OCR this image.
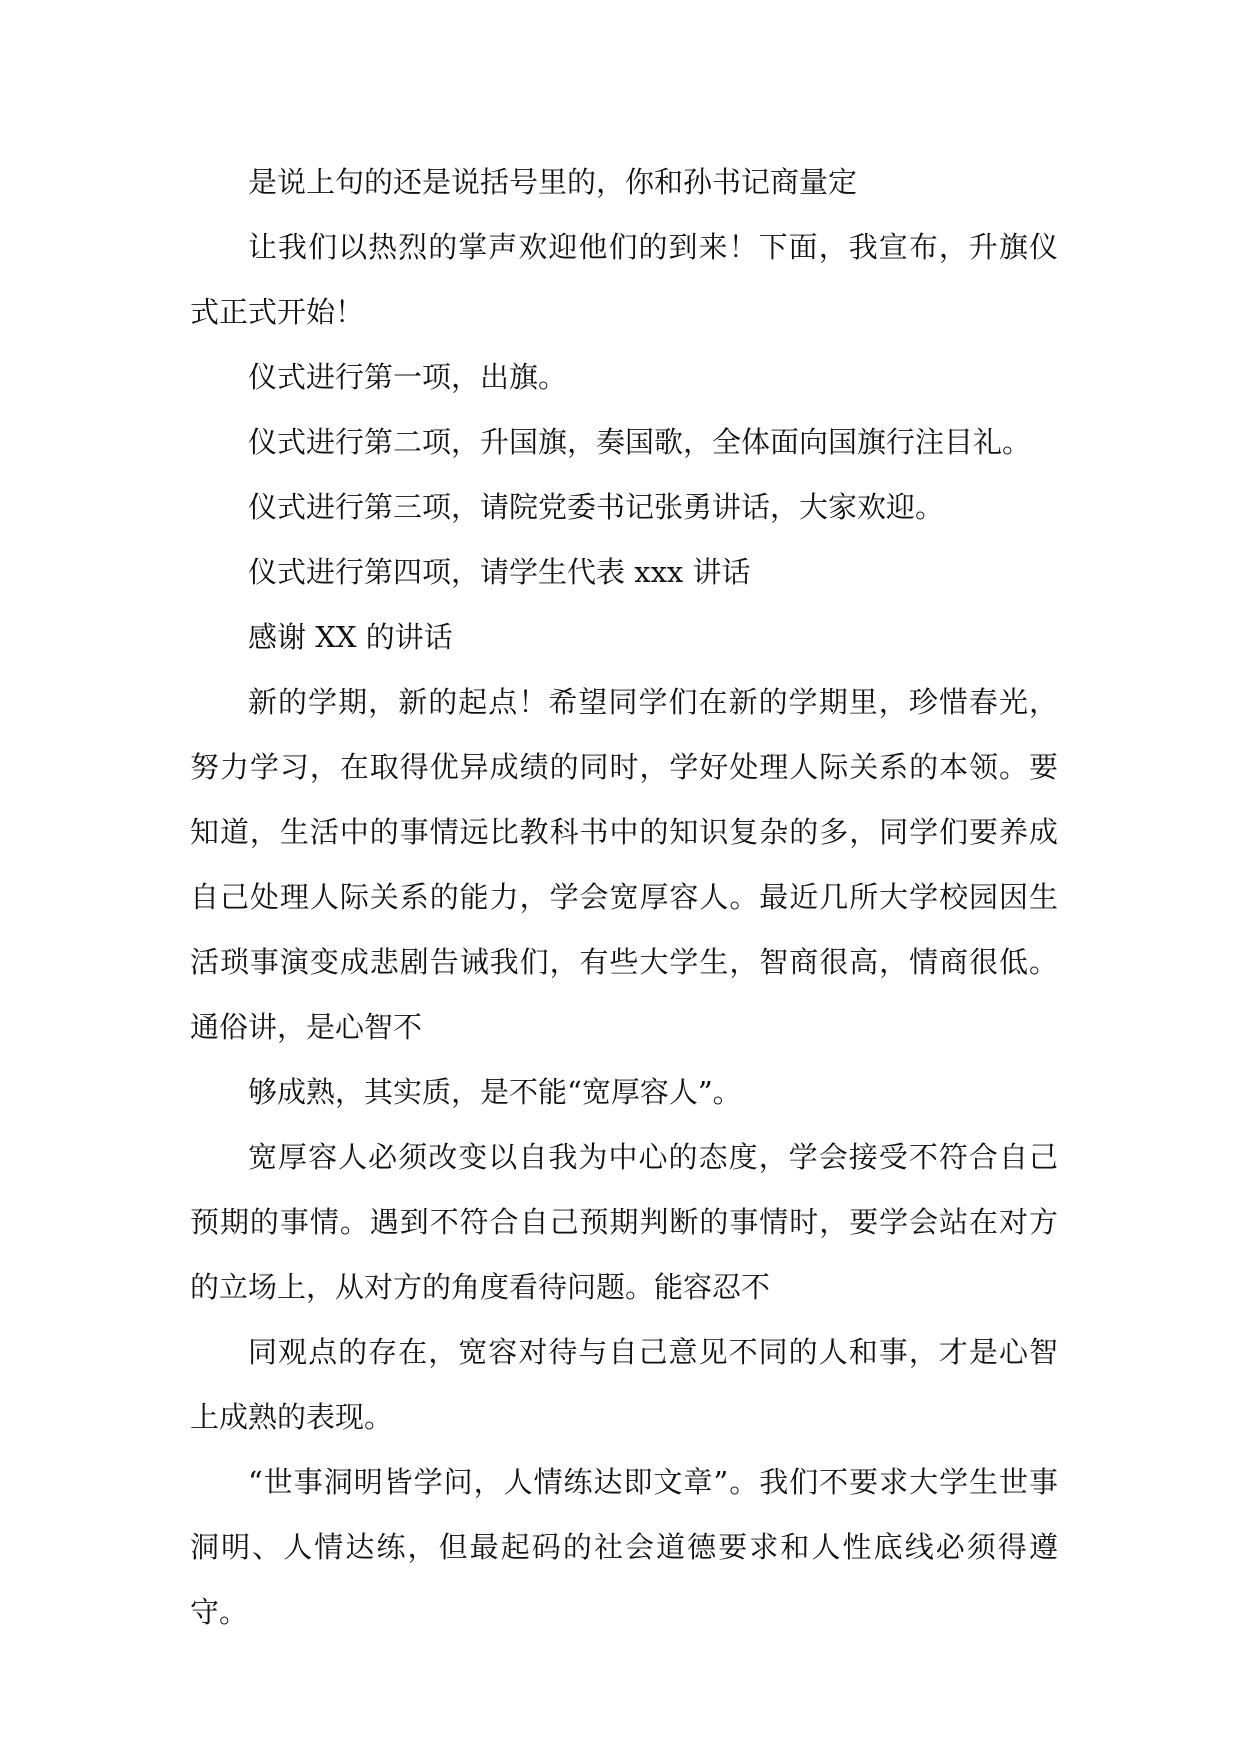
是说上句的还是说括号里的，你和孙书记商量定

让我们以热烈的掌声欢迎他们的到来！下面，我宣布，升旗仪式正式开始！

仪式进行第一项，出旗。

仪式进行第二项，升国旗，奏国歌，全体面向国旗行注目礼。

仪式进行第三项，请院党委书记张勇讲话，大家欢迎。

仪式进行第四项，请学生代表 xxx 讲话

感谢 XX 的讲话

新的学期，新的起点！希望同学们在新的学期里，珍惜春光，努力学习，在取得优异成绩的同时，学好处理人际关系的本领。要知道，生活中的事情远比教科书中的知识复杂的多，同学们要养成自己处理人际关系的能力，学会宽厚容人。最近几所大学校园因生活琐事演变成悲剧告诫我们，有些大学生，智商很高，情商很低。通俗讲，是心智不

够成熟，其实质，是不能“宽厚容人”。

宽厚容人必须改变以自我为中心的态度，学会接受不符合自己预期的事情。遇到不符合自己预期判断的事情时，要学会站在对方的立场上，从对方的角度看待问题。能容忍不

同观点的存在，宽容对待与自己意见不同的人和事，才是心智上成熟的表现。

“世事洞明皆学问，人情练达即文章”。我们不要求大学生世事洞明、人情达练，但最起码的社会道德要求和人性底线必须得遵守。
